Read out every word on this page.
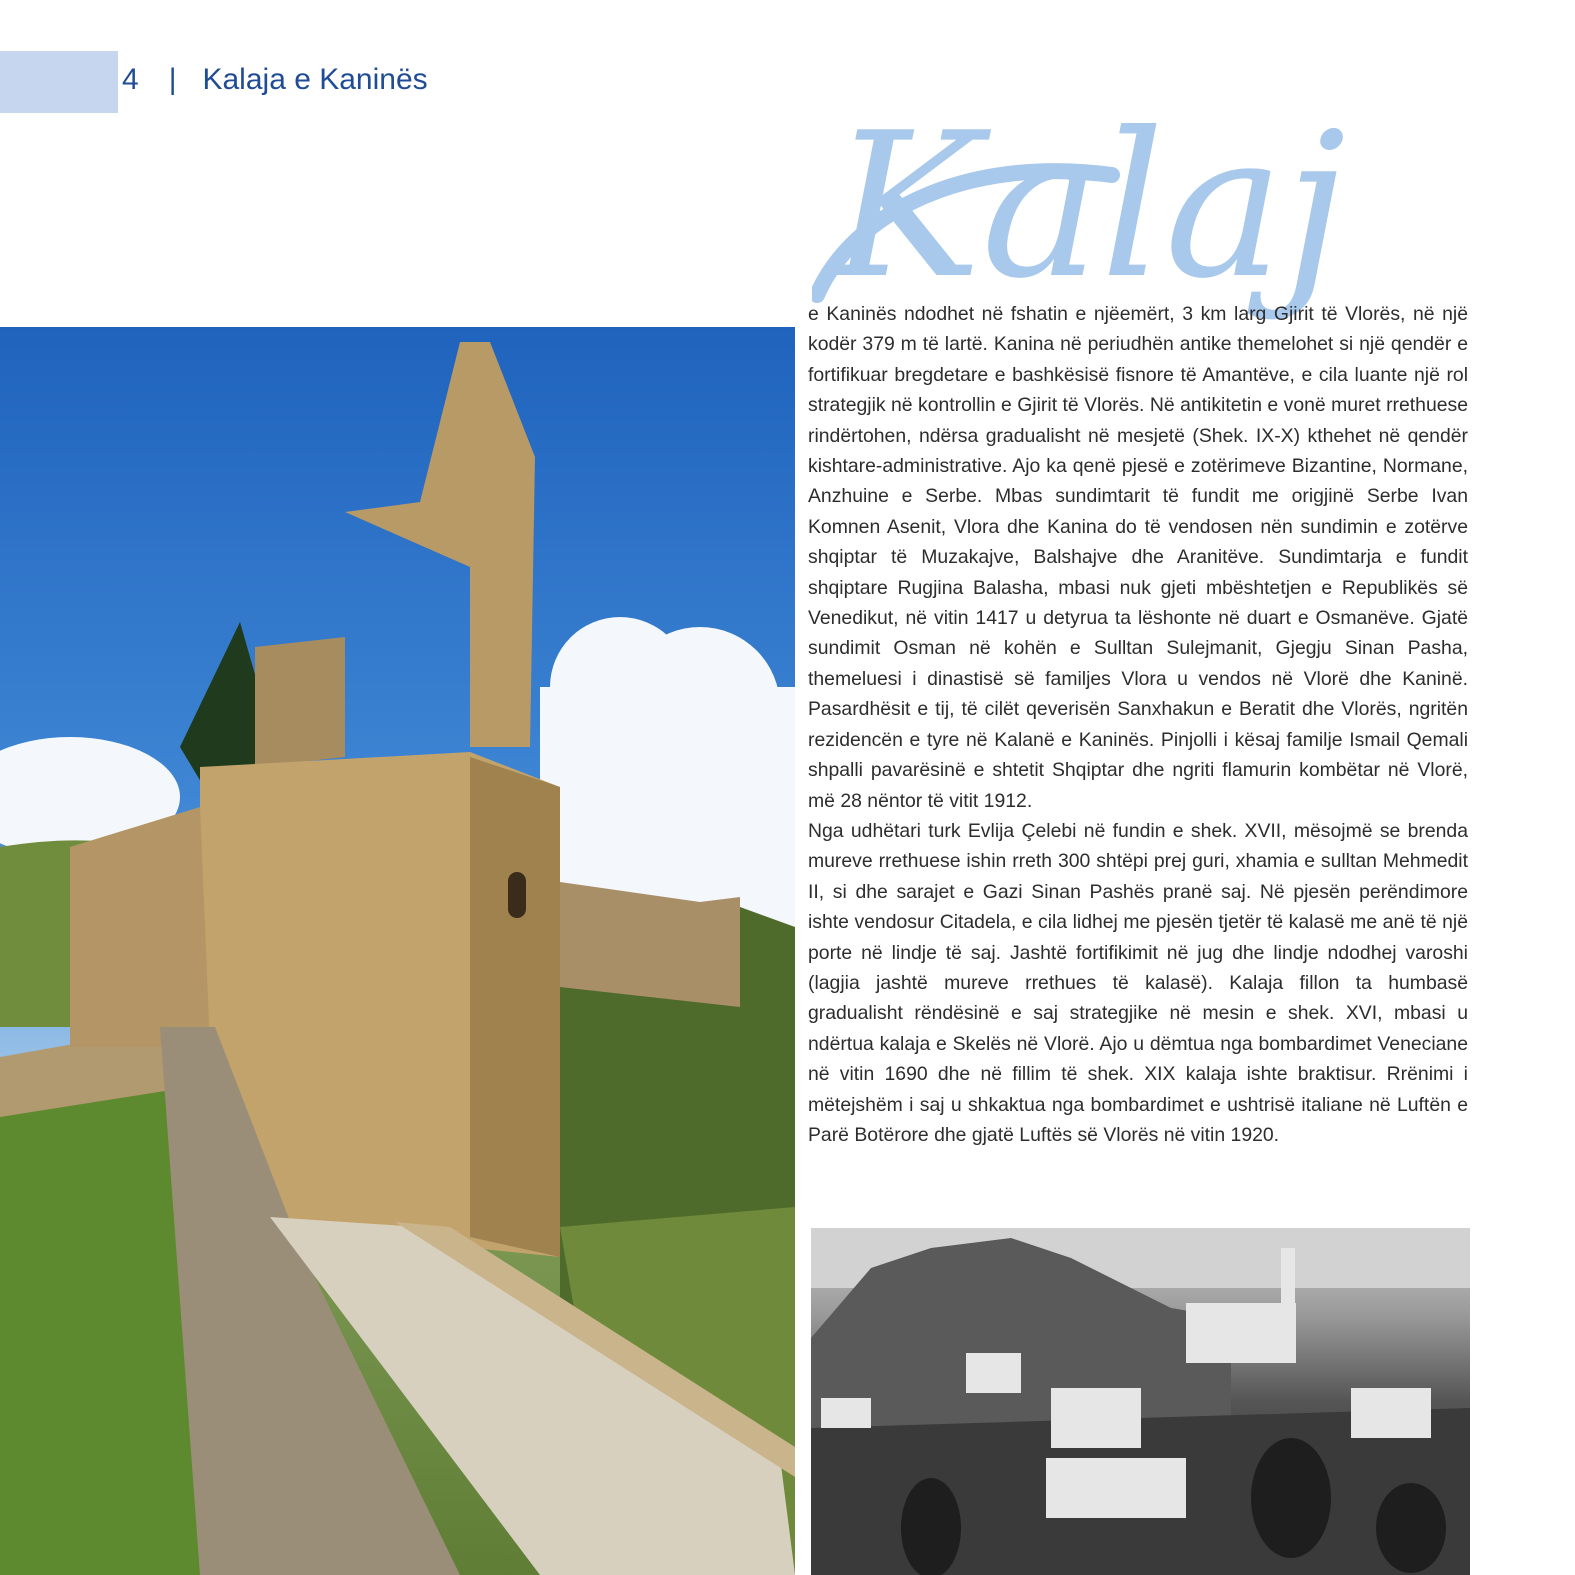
4 | Kalaja e Kaninës
Kalaj

e Kaninës ndodhet në fshatin e njëemërt, 3 km larg Gjirit të Vlorës, në një kodër 379 m të lartë. Kanina në periudhën antike themelohet si një qendër e fortifikuar bregdetare e bashkësisë fisnore të Amantëve, e cila luante një rol strategjik në kontrollin e Gjirit të Vlorës. Në antikitetin e vonë muret rrethuese rindërtohen, ndërsa gradualisht në mesjetë (Shek. IX-X) kthehet në qendër kishtare-administrative. Ajo ka qenë pjesë e zotërimeve Bizantine, Normane, Anzhuine e Serbe. Mbas sundimtarit të fundit me origjinë Serbe Ivan Komnen Asenit, Vlora dhe Kanina do të vendosen nën sundimin e zotërve shqiptar të Muzakajve, Balshajve dhe Aranitëve. Sundimtarja e fundit shqiptare Rugjina Balasha, mbasi nuk gjeti mbështetjen e Republikës së Venedikut, në vitin 1417 u detyrua ta lëshonte në duart e Osmanëve. Gjatë sundimit Osman në kohën e Sulltan Sulejmanit, Gjegju Sinan Pasha, themeluesi i dinastisë së familjes Vlora u vendos në Vlorë dhe Kaninë. Pasardhësit e tij, të cilët qeverisën Sanxhakun e Beratit dhe Vlorës, ngritën rezidencën e tyre në Kalanë e Kaninës. Pinjolli i kësaj familje Ismail Qemali shpalli pavarësinë e shtetit Shqiptar dhe ngriti flamurin kombëtar në Vlorë, më 28 nëntor të vitit 1912.

Nga udhëtari turk Evlija Çelebi në fundin e shek. XVII, mësojmë se brenda mureve rrethuese ishin rreth 300 shtëpi prej guri, xhamia e sulltan Mehmedit II, si dhe sarajet e Gazi Sinan Pashës pranë saj. Në pjesën perëndimore ishte vendosur Citadela, e cila lidhej me pjesën tjetër të kalasë me anë të një porte në lindje të saj. Jashtë fortifikimit në jug dhe lindje ndodhej varoshi (lagjia jashtë mureve rrethues të kalasë). Kalaja fillon ta humbasë gradualisht rëndësinë e saj strategjike në mesin e shek. XVI, mbasi u ndërtua kalaja e Skelës në Vlorë. Ajo u dëmtua nga bombardimet Veneciane në vitin 1690 dhe në fillim të shek. XIX kalaja ishte braktisur. Rrënimi i mëtejshëm i saj u shkaktua nga bombardimet e ushtrisë italiane në Luftën e Parë Botërore dhe gjatë Luftës së Vlorës në vitin 1920.
